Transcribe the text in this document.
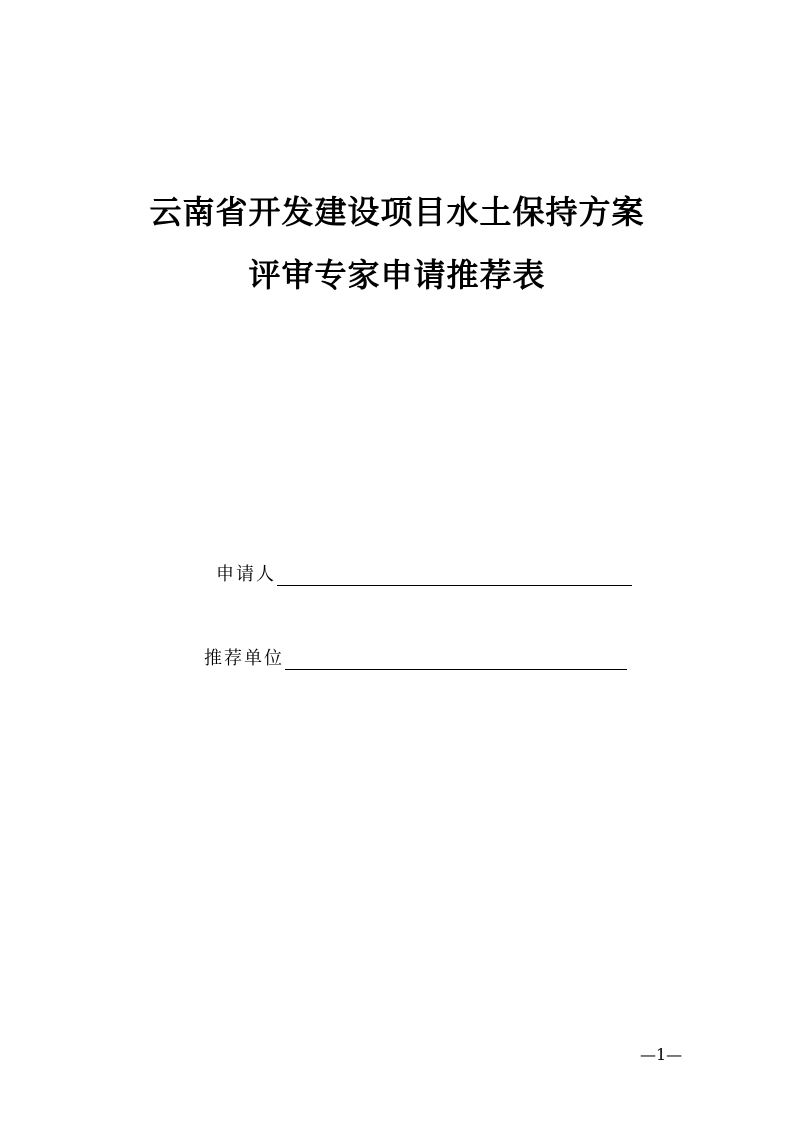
云南省开发建设项目水土保持方案
评审专家申请推荐表
申请人
推荐单位
—1—
